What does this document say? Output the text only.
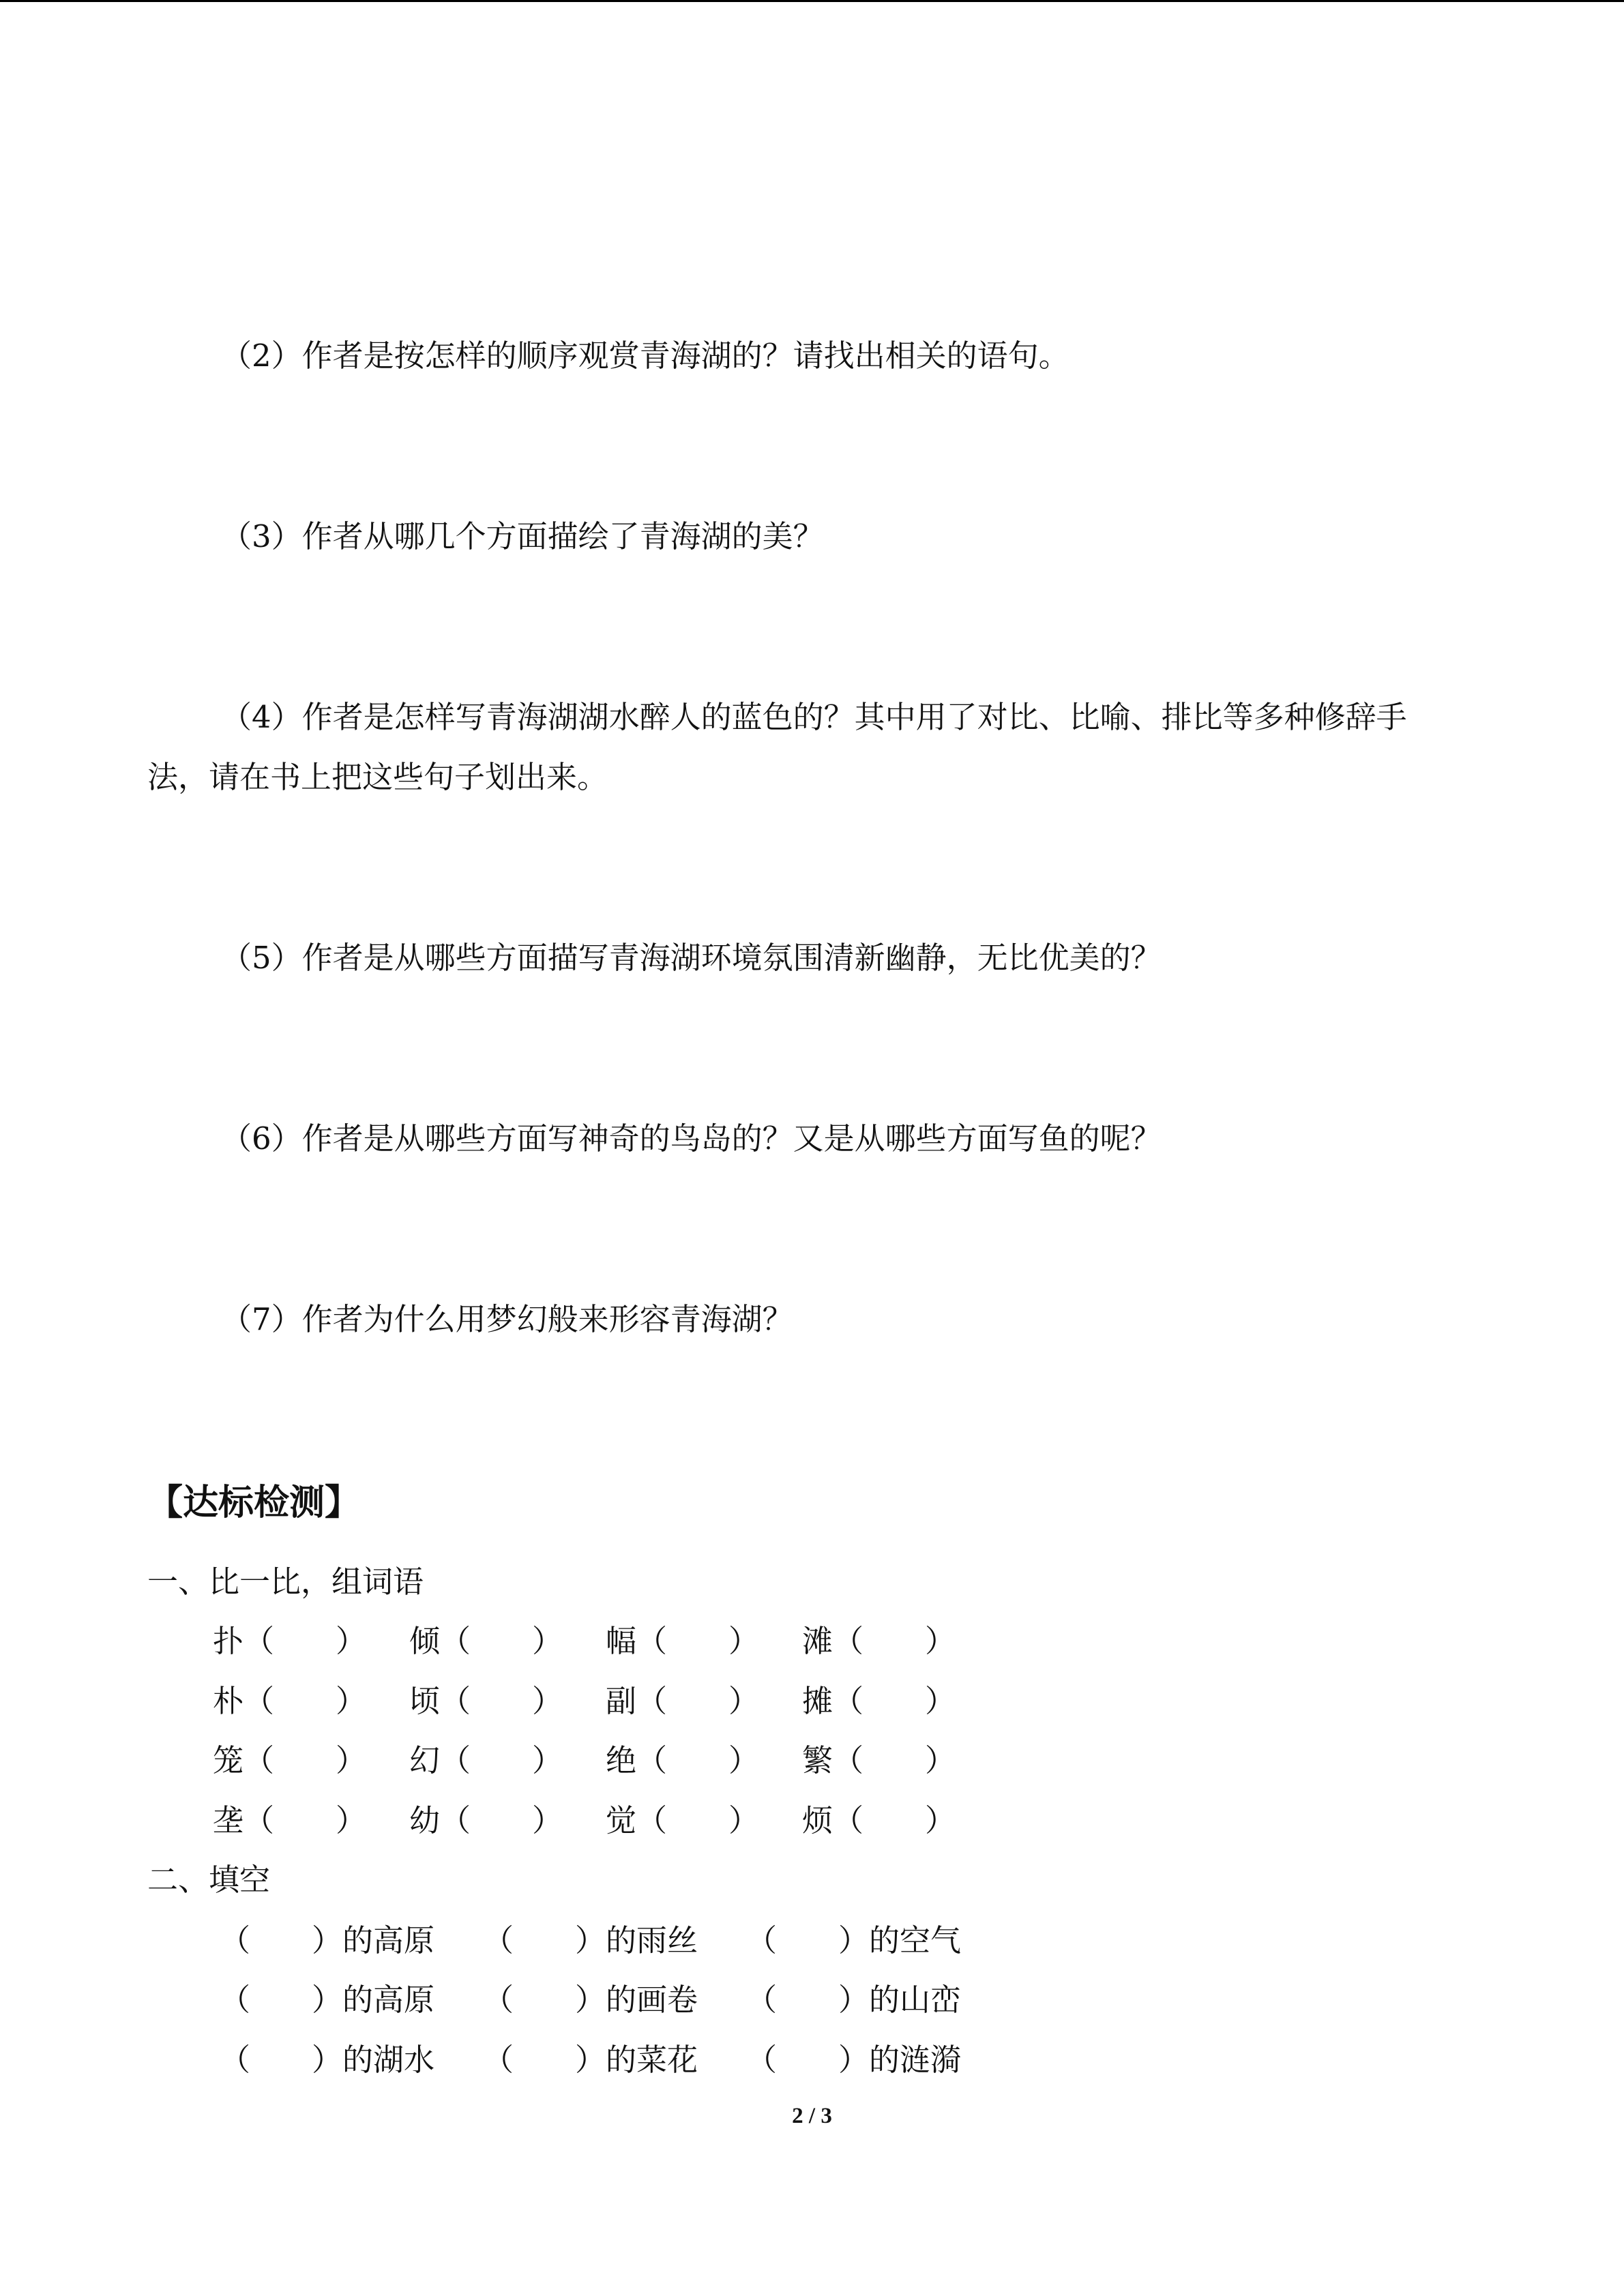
（2）作者是按怎样的顺序观赏青海湖的？请找出相关的语句。
（3）作者从哪几个方面描绘了青海湖的美？
（4）作者是怎样写青海湖湖水醉人的蓝色的？其中用了对比、比喻、排比等多种修辞手
法，请在书上把这些句子划出来。
（5）作者是从哪些方面描写青海湖环境氛围清新幽静，无比优美的？
（6）作者是从哪些方面写神奇的鸟岛的？又是从哪些方面写鱼的呢？
（7）作者为什么用梦幻般来形容青海湖？
【达标检测】
一、比一比，组词语
扑（　　） 倾（　　） 幅（　　） 滩（　　）
朴（　　） 顷（　　） 副（　　） 摊（　　）
笼（　　） 幻（　　） 绝（　　） 繁（　　）
垄（　　） 幼（　　） 觉（　　） 烦（　　）
二、填空
（　　）的高原 （　　）的雨丝 （　　）的空气
（　　）的高原 （　　）的画卷 （　　）的山峦
（　　）的湖水 （　　）的菜花 （　　）的涟漪
2 / 3
